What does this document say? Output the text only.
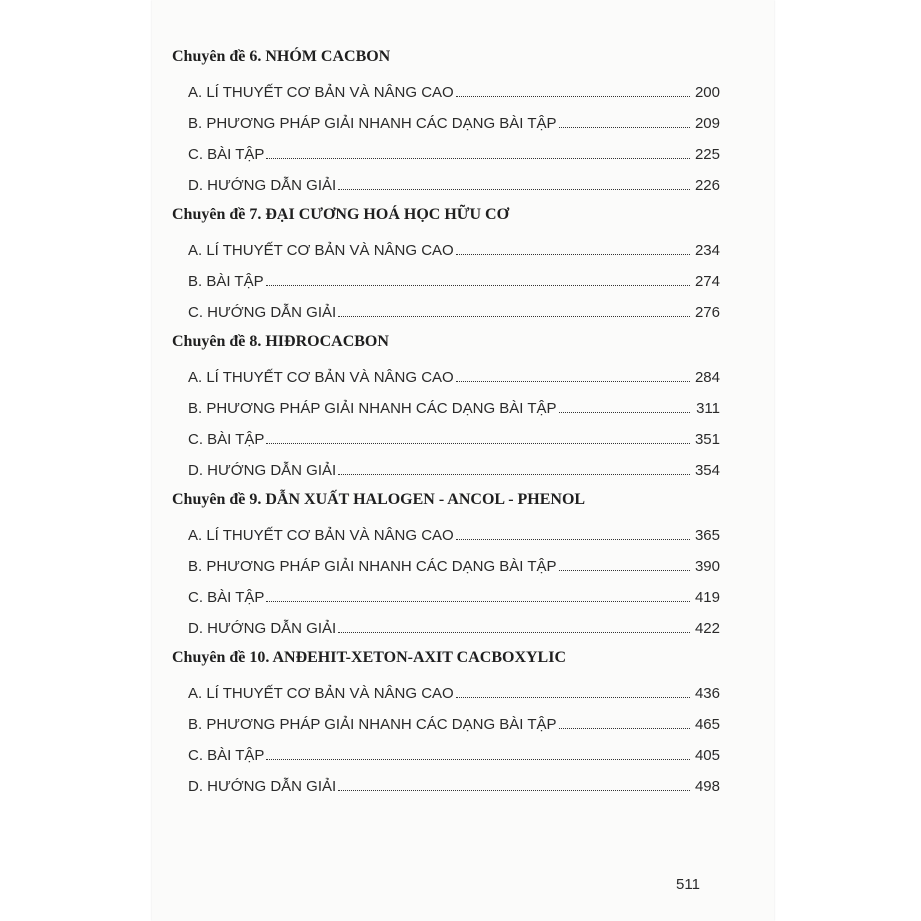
Chuyên đề 6. NHÓM CACBON
A. LÍ THUYẾT CƠ BẢN VÀ NÂNG CAO	200
B. PHƯƠNG PHÁP GIẢI NHANH CÁC DẠNG BÀI TẬP	209
C. BÀI TẬP	225
D. HƯỚNG DẪN GIẢI	226
Chuyên đề 7. ĐẠI CƯƠNG HOÁ HỌC HỮU CƠ
A. LÍ THUYẾT CƠ BẢN VÀ NÂNG CAO	234
B. BÀI TẬP	274
C. HƯỚNG DẪN GIẢI	276
Chuyên đề 8. HIĐROCACBON
A. LÍ THUYẾT CƠ BẢN VÀ NÂNG CAO	284
B. PHƯƠNG PHÁP GIẢI NHANH CÁC DẠNG BÀI TẬP	311
C. BÀI TẬP	351
D. HƯỚNG DẪN GIẢI	354
Chuyên đề 9. DẪN XUẤT HALOGEN - ANCOL - PHENOL
A. LÍ THUYẾT CƠ BẢN VÀ NÂNG CAO	365
B. PHƯƠNG PHÁP GIẢI NHANH CÁC DẠNG BÀI TẬP	390
C. BÀI TẬP	419
D. HƯỚNG DẪN GIẢI	422
Chuyên đề 10. ANĐEHIT-XETON-AXIT CACBOXYLIC
A. LÍ THUYẾT CƠ BẢN VÀ NÂNG CAO	436
B. PHƯƠNG PHÁP GIẢI NHANH CÁC DẠNG BÀI TẬP	465
C. BÀI TẬP	405
D. HƯỚNG DẪN GIẢI	498
511
